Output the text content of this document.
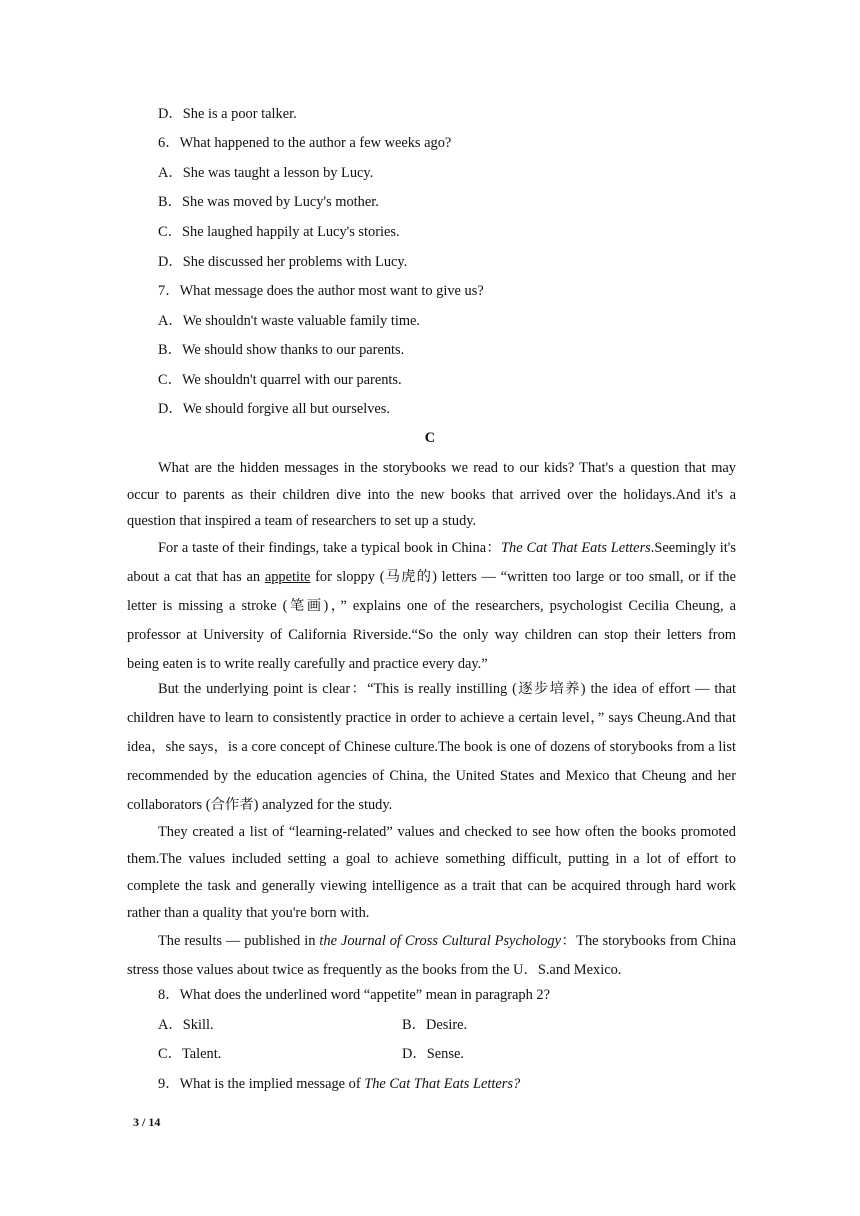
D．She is a poor talker.
6．What happened to the author a few weeks ago?
A．She was taught a lesson by Lucy.
B．She was moved by Lucy's mother.
C．She laughed happily at Lucy's stories.
D．She discussed her problems with Lucy.
7．What message does the author most want to give us?
A．We shouldn't waste valuable family time.
B．We should show thanks to our parents.
C．We shouldn't quarrel with our parents.
D．We should forgive all but ourselves.
C

What are the hidden messages in the storybooks we read to our kids? That's a question that may occur to parents as their children dive into the new books that arrived over the holidays.And it's a question that inspired a team of researchers to set up a study.

For a taste of their findings, take a typical book in China：The Cat That Eats Letters.Seemingly it's about a cat that has an appetite for sloppy (马虎的) letters — “written too large or too small, or if the letter is missing a stroke (笔画)，” explains one of the researchers, psychologist Cecilia Cheung, a professor at University of California Riverside.“So the only way children can stop their letters from being eaten is to write really carefully and practice every day.”

But the underlying point is clear：“This is really instilling (逐步培养) the idea of effort — that children have to learn to consistently practice in order to achieve a certain level，” says Cheung.And that idea，she says，is a core concept of Chinese culture.The book is one of dozens of storybooks from a list recommended by the education agencies of China, the United States and Mexico that Cheung and her collaborators (合作者) analyzed for the study.

They created a list of “learning-related” values and checked to see how often the books promoted them.The values included setting a goal to achieve something difficult, putting in a lot of effort to complete the task and generally viewing intelligence as a trait that can be acquired through hard work rather than a quality that you're born with.

The results — published in the Journal of Cross Cultural Psychology：The storybooks from China stress those values about twice as frequently as the books from the U．S.and Mexico.

8．What does the underlined word “appetite” mean in paragraph 2?
A．Skill.	B．Desire.
C．Talent.	D．Sense.
9．What is the implied message of The Cat That Eats Letters?
3 / 14
